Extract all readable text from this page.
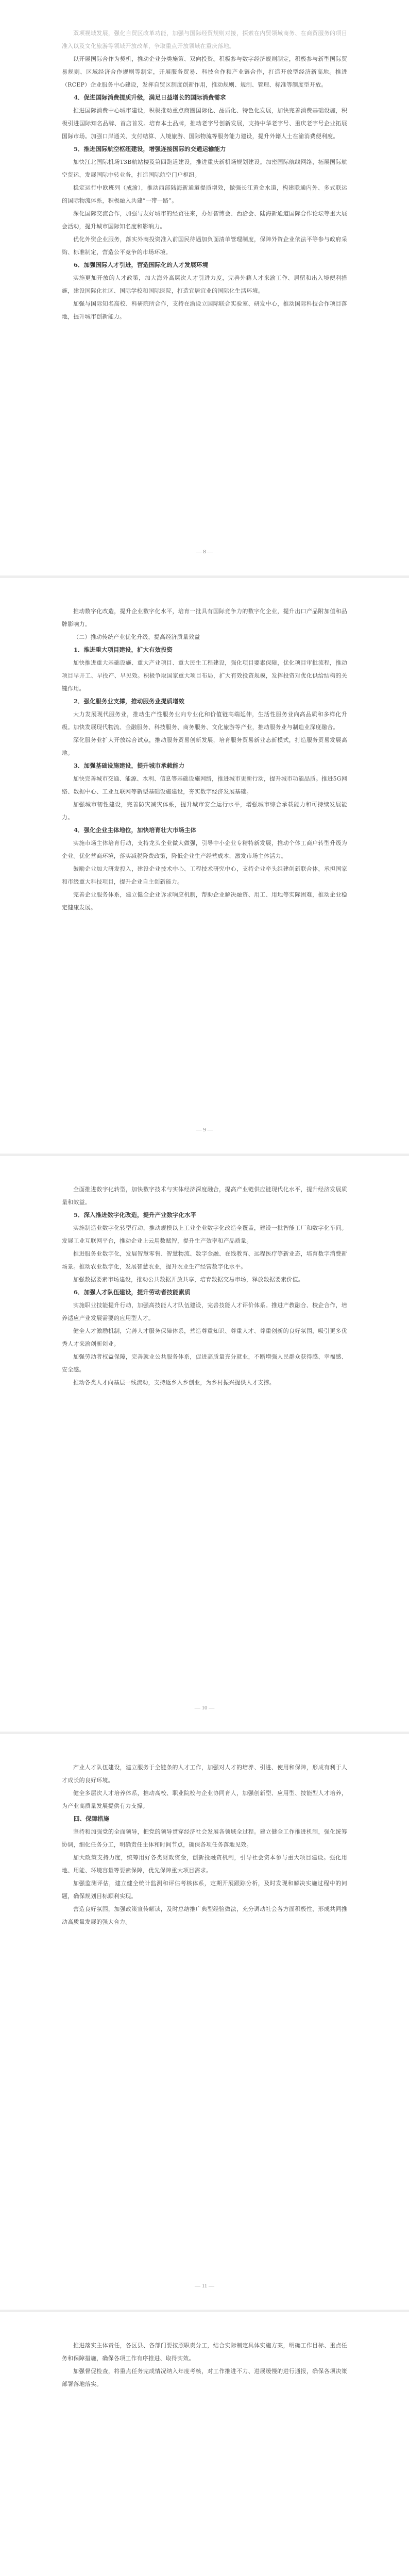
双项视域发展，强化自贸区改革功能，加强与国际经贸规则对接，探索在内贸领域商务、在商贸服务的项目准入以及文化旅游等领域开放改革，争取重点开放领域在重庆落地。

以开展国际合作为契机，推动企业分类施策、双向投资。积极参与数字经济规则制定，积极参与新型国际贸易规则、区域经济合作规则等制定，开展服务贸易、科技合作和产业链合作，打造开放型经济新高地。推进（RCEP）企业服务中心建设，发挥自贸区制度创新作用，推动规则、规制、管理、标准等制度型开放。

4．促进国际消费提质升级，满足日益增长的国际消费需求

推进国际消费中心城市建设，积极推动重点商圈国际化、品质化、特色化发展，加快完善消费基础设施，积极引进国际知名品牌、首店首发。培育本土品牌，推动老字号创新发展，支持中华老字号、重庆老字号企业拓展国际市场。加强口岸通关、支付结算、入境旅游、国际物流等服务能力建设，提升外籍人士在渝消费便利度。

5．推进国际航空枢纽建设，增强连接国际的交通运输能力

加快江北国际机场T3B航站楼及第四跑道建设，推进重庆新机场规划建设。加密国际航线网络，拓展国际航空货运，发展国际中转业务，打造国际航空门户枢纽。

稳定运行中欧班列（成渝），推动西部陆海新通道提质增效，做强长江黄金水道，构建联通内外、多式联运的国际物流体系，积极融入共建“一带一路”。

深化国际交流合作，加强与友好城市的经贸往来，办好智博会、西洽会、陆海新通道国际合作论坛等重大展会活动，提升城市国际知名度和影响力。

优化外资企业服务，落实外商投资准入前国民待遇加负面清单管理制度，保障外资企业依法平等参与政府采购、标准制定，营造公平竞争的市场环境。

6．加强国际人才引进，营造国际化的人才发展环境

实施更加开放的人才政策，加大海外高层次人才引进力度，完善外籍人才来渝工作、居留和出入境便利措施，建设国际化社区、国际学校和国际医院，打造宜居宜业的国际化生活环境。

加强与国际知名高校、科研院所合作，支持在渝设立国际联合实验室、研发中心，推动国际科技合作项目落地，提升城市创新能力。

— 8 —

推动数字化改造，提升企业数字化水平，培育一批具有国际竞争力的数字化企业，提升出口产品附加值和品牌影响力。

（二）推动传统产业优化升级，提高经济质量效益

1．推进重大项目建设，扩大有效投资

加快推进重大基础设施、重大产业项目、重大民生工程建设，强化项目要素保障，优化项目审批流程，推动项目早开工、早投产、早见效。积极争取国家重大项目布局，扩大有效投资规模，发挥投资对优化供给结构的关键作用。

2．强化服务业支撑，推动服务业提质增效

大力发展现代服务业，推动生产性服务业向专业化和价值链高端延伸，生活性服务业向高品质和多样化升级。加快发展现代物流、金融服务、科技服务、商务服务、文化旅游等产业，推动服务业与制造业深度融合。

深化服务业扩大开放综合试点，推动服务贸易创新发展，培育服务贸易新业态新模式，打造服务贸易发展高地。

3．加强基础设施建设，提升城市承载能力

加快完善城市交通、能源、水利、信息等基础设施网络，推进城市更新行动，提升城市功能品质。推进5G网络、数据中心、工业互联网等新型基础设施建设，夯实数字经济发展基础。

加强城市韧性建设，完善防灾减灾体系，提升城市安全运行水平，增强城市综合承载能力和可持续发展能力。

4．强化企业主体地位，加快培育壮大市场主体

实施市场主体培育行动，支持龙头企业做大做强，引导中小企业专精特新发展，推动个体工商户转型升级为企业。优化营商环境，落实减税降费政策，降低企业生产经营成本，激发市场主体活力。

鼓励企业加大研发投入，建设企业技术中心、工程技术研究中心，支持企业牵头组建创新联合体，承担国家和市级重大科技项目，提升企业自主创新能力。

完善企业服务体系，建立健全企业诉求响应机制，帮助企业解决融资、用工、用地等实际困难，推动企业稳定健康发展。

— 9 —

全面推进数字化转型，加快数字技术与实体经济深度融合，提高产业链供应链现代化水平，提升经济发展质量和效益。

5．深入推进数字化改造，提升产业数字化水平

实施制造业数字化转型行动，推动规模以上工业企业数字化改造全覆盖，建设一批智能工厂和数字化车间。发展工业互联网平台，推动企业上云用数赋智，提升生产效率和产品质量。

推进服务业数字化，发展智慧零售、智慧物流、数字金融、在线教育、远程医疗等新业态，培育数字消费新场景。推动农业数字化，发展智慧农业，提升农业生产经营数字化水平。

加强数据要素市场建设，推动公共数据开放共享，培育数据交易市场，释放数据要素价值。

6．加强人才队伍建设，提升劳动者技能素质

实施职业技能提升行动，加强高技能人才队伍建设，完善技能人才评价体系。推进产教融合、校企合作，培养适应产业发展需要的应用型人才。

健全人才激励机制，完善人才服务保障体系，营造尊重知识、尊重人才、尊重创新的良好氛围，吸引更多优秀人才来渝创新创业。

加强劳动者权益保障，完善就业公共服务体系，促进高质量充分就业，不断增强人民群众获得感、幸福感、安全感。

推动各类人才向基层一线流动，支持返乡入乡创业，为乡村振兴提供人才支撑。

— 10 —

产业人才队伍建设，建立服务于全链条的人才工作，加强对人才的培养、引进、使用和保障，形成有利于人才成长的良好环境。

健全多层次人才培养体系，推动高校、职业院校与企业协同育人，加强创新型、应用型、技能型人才培养，为产业高质量发展提供有力支撑。

四、保障措施

坚持和加强党的全面领导，把党的领导贯穿经济社会发展各领域全过程。建立健全工作推进机制，强化统筹协调，细化任务分工，明确责任主体和时间节点，确保各项任务落地见效。

加大政策支持力度，统筹用好各类财政资金，创新投融资机制，引导社会资本参与重大项目建设。强化用地、用能、环境容量等要素保障，优先保障重大项目需求。

加强监测评估，建立健全统计监测和评估考核体系，定期开展跟踪分析，及时发现和解决实施过程中的问题，确保规划目标顺利实现。

营造良好氛围，加强政策宣传解读，及时总结推广典型经验做法，充分调动社会各方面积极性，形成共同推动高质量发展的强大合力。

— 11 —

推进落实主体责任，各区县、各部门要按照职责分工，结合实际制定具体实施方案，明确工作目标、重点任务和保障措施，确保各项工作有序推进、取得实效。

加强督促检查，将重点任务完成情况纳入年度考核，对工作推进不力、进展缓慢的进行通报，确保各项决策部署落地落实。
